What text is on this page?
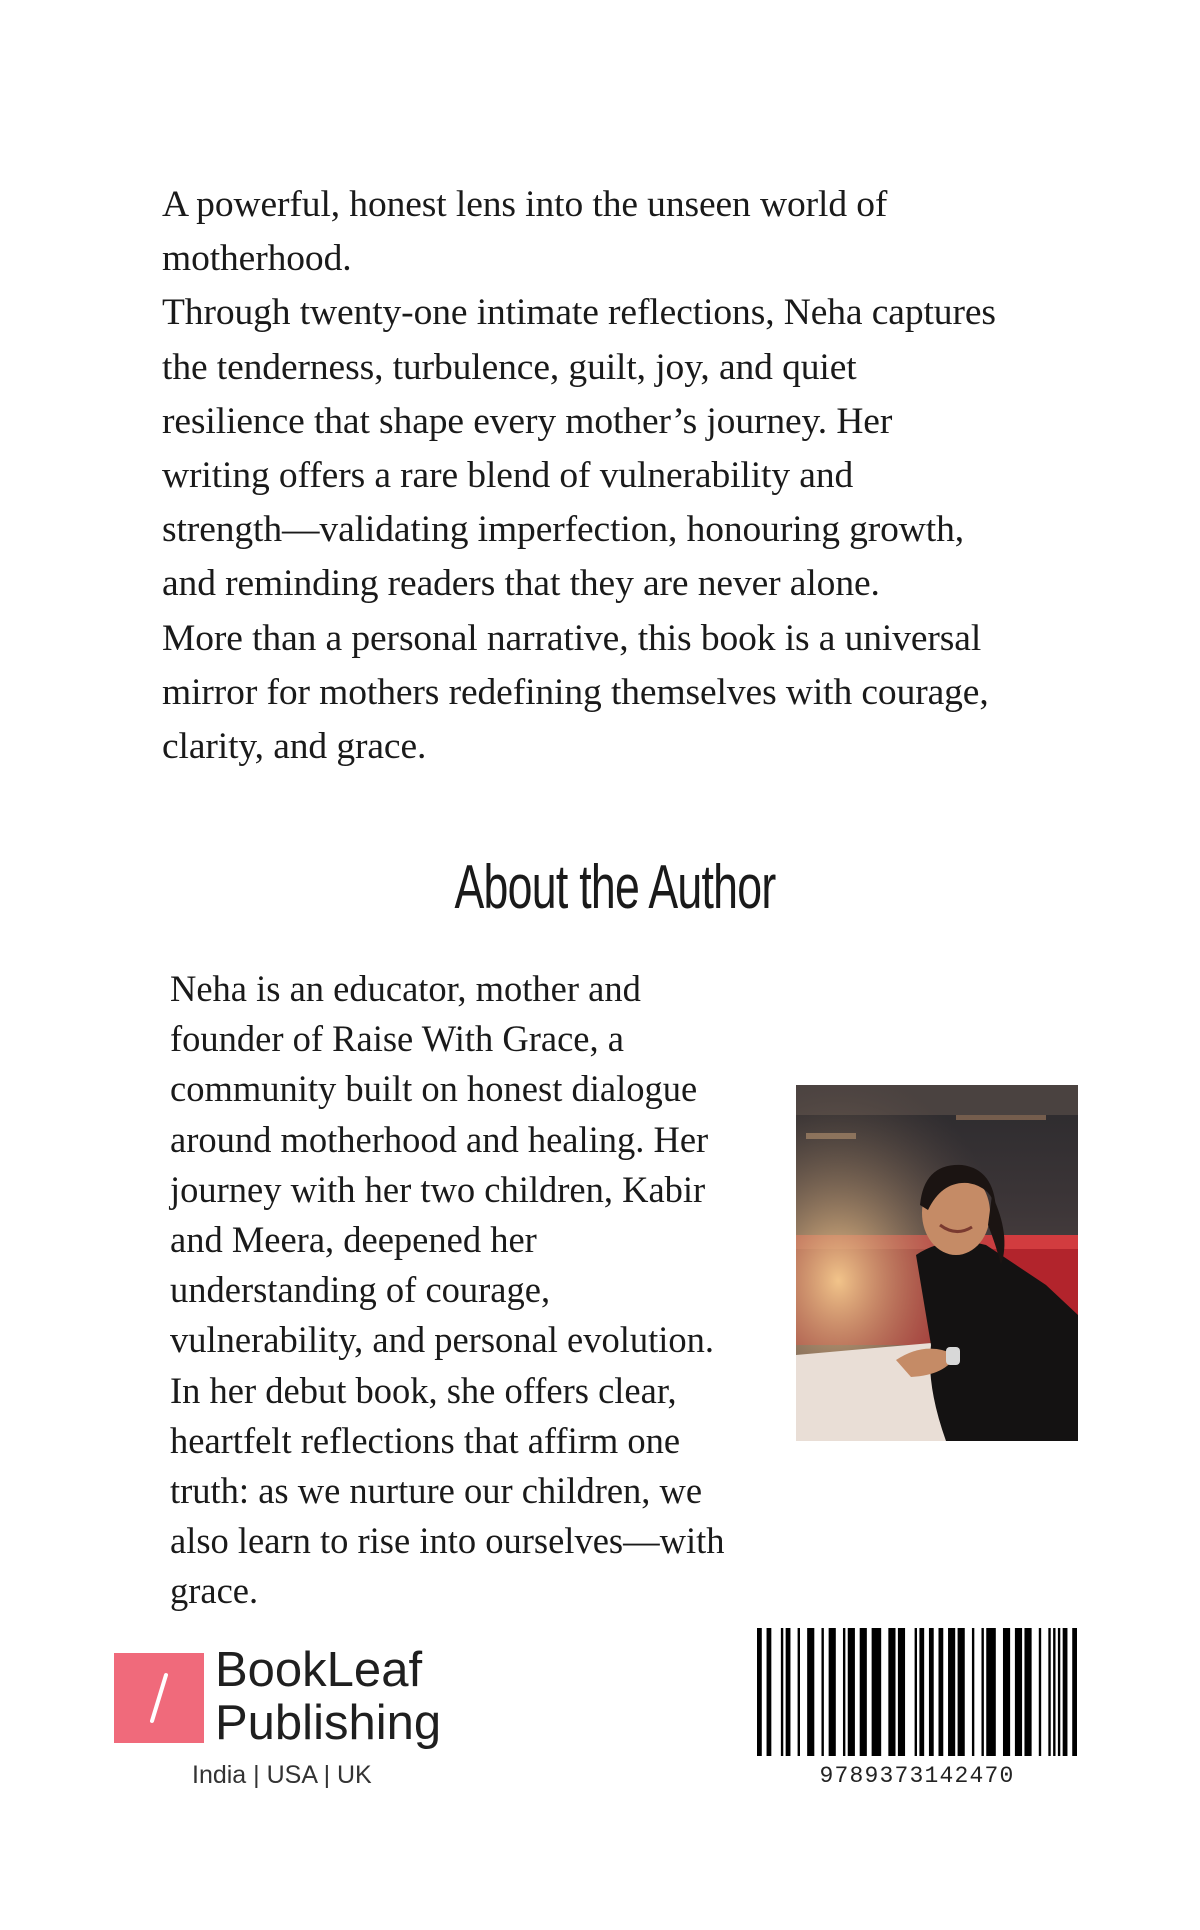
A powerful, honest lens into the unseen world of
motherhood.
Through twenty-one intimate reflections, Neha captures
the tenderness, turbulence, guilt, joy, and quiet
resilience that shape every mother’s journey. Her
writing offers a rare blend of vulnerability and
strength—validating imperfection, honouring growth,
and reminding readers that they are never alone.
More than a personal narrative, this book is a universal
mirror for mothers redefining themselves with courage,
clarity, and grace.
About the Author
Neha is an educator, mother and
founder of Raise With Grace, a
community built on honest dialogue
around motherhood and healing. Her
journey with her two children, Kabir
and Meera, deepened her
understanding of courage,
vulnerability, and personal evolution.
In her debut book, she offers clear,
heartfelt reflections that affirm one
truth: as we nurture our children, we
also learn to rise into ourselves—with
grace.
BookLeaf
Publishing
India | USA | UK	9789373142470
